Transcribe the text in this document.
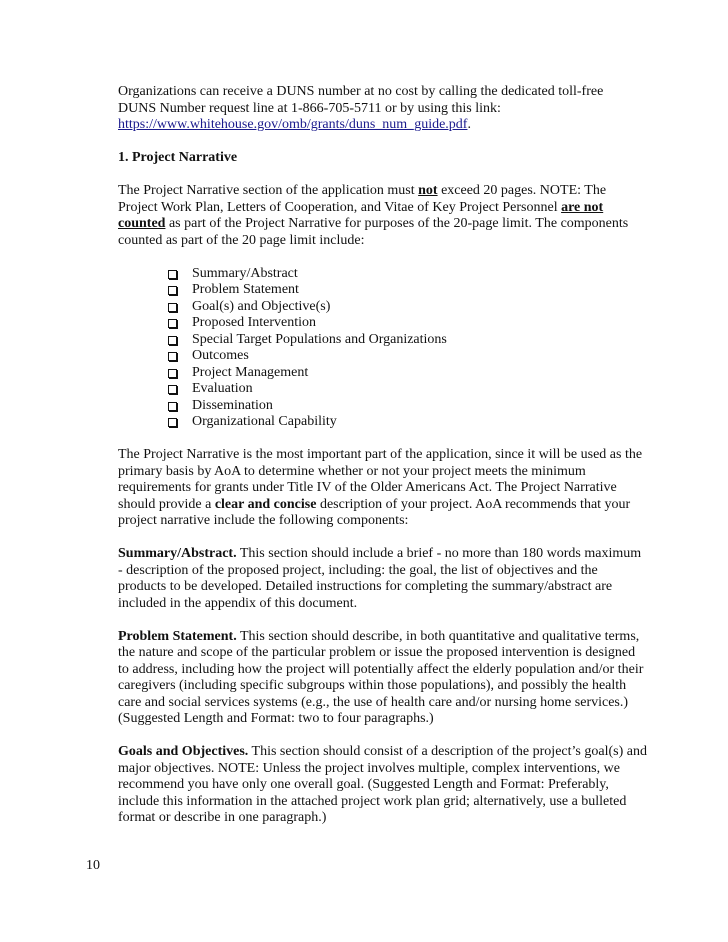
Organizations can receive a DUNS number at no cost by calling the dedicated toll-free
DUNS Number request line at 1-866-705-5711 or by using this link:
https://www.whitehouse.gov/omb/grants/duns_num_guide.pdf.

1. Project Narrative

The Project Narrative section of the application must not exceed 20 pages. NOTE: The Project Work Plan, Letters of Cooperation, and Vitae of Key Project Personnel are not counted as part of the Project Narrative for purposes of the 20-page limit. The components counted as part of the 20 page limit include:

Summary/Abstract
Problem Statement
Goal(s) and Objective(s)
Proposed Intervention
Special Target Populations and Organizations
Outcomes
Project Management
Evaluation
Dissemination
Organizational Capability

The Project Narrative is the most important part of the application, since it will be used as the primary basis by AoA to determine whether or not your project meets the minimum requirements for grants under Title IV of the Older Americans Act. The Project Narrative should provide a clear and concise description of your project. AoA recommends that your project narrative include the following components:

Summary/Abstract. This section should include a brief - no more than 180 words maximum - description of the proposed project, including: the goal, the list of objectives and the products to be developed. Detailed instructions for completing the summary/abstract are included in the appendix of this document.

Problem Statement. This section should describe, in both quantitative and qualitative terms, the nature and scope of the particular problem or issue the proposed intervention is designed to address, including how the project will potentially affect the elderly population and/or their caregivers (including specific subgroups within those populations), and possibly the health care and social services systems (e.g., the use of health care and/or nursing home services.) (Suggested Length and Format: two to four paragraphs.)

Goals and Objectives. This section should consist of a description of the project’s goal(s) and major objectives. NOTE: Unless the project involves multiple, complex interventions, we recommend you have only one overall goal. (Suggested Length and Format: Preferably, include this information in the attached project work plan grid; alternatively, use a bulleted format or describe in one paragraph.)

10
